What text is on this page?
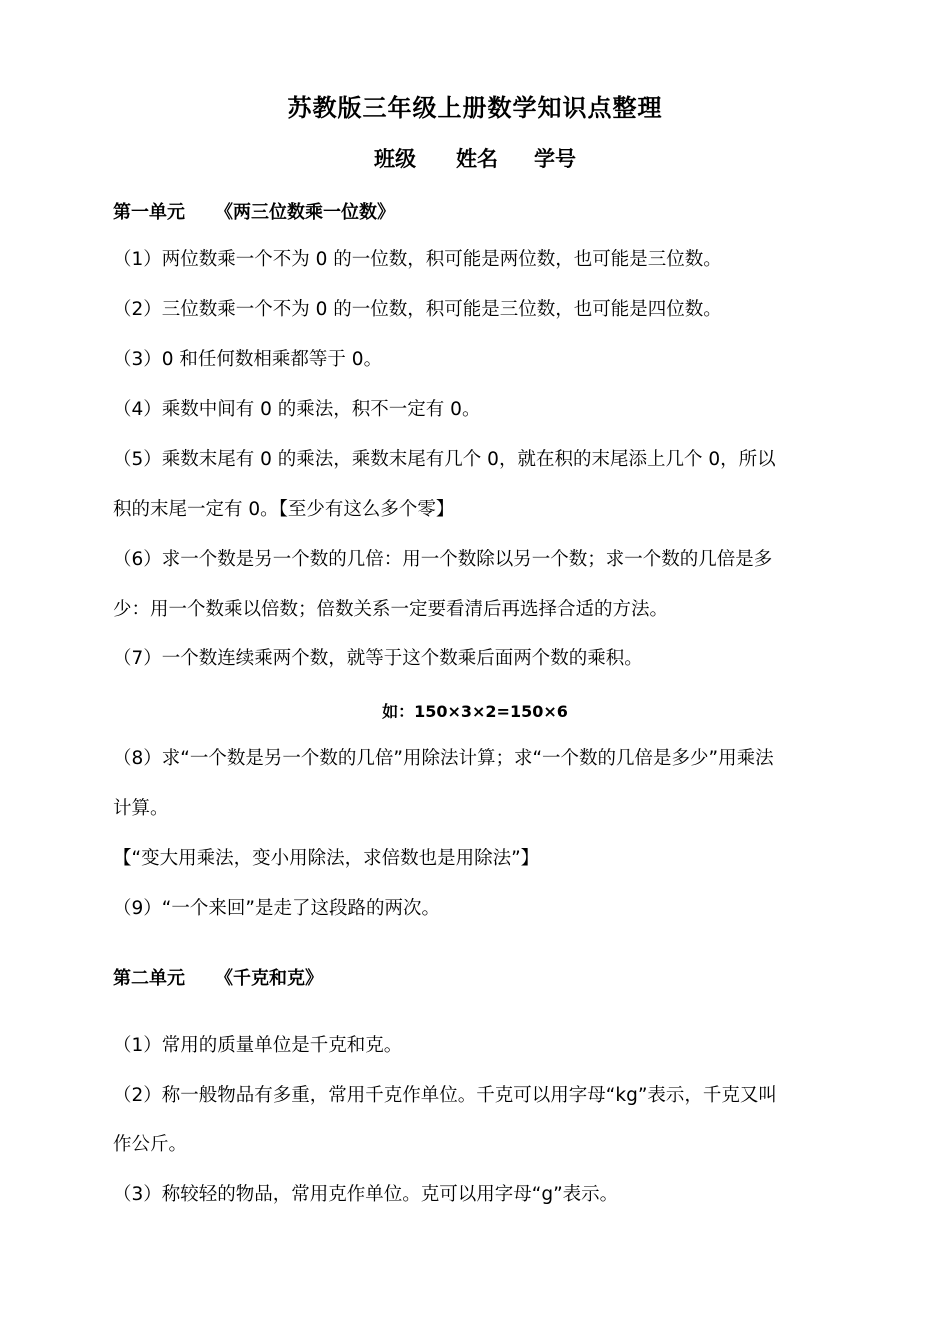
苏教版三年级上册数学知识点整理
班级 姓名 学号
第一单元 《两三位数乘一位数》
（1）两位数乘一个不为 0 的一位数，积可能是两位数，也可能是三位数。
（2）三位数乘一个不为 0 的一位数，积可能是三位数，也可能是四位数。
（3）0 和任何数相乘都等于 0。
（4）乘数中间有 0 的乘法，积不一定有 0。
（5）乘数末尾有 0 的乘法，乘数末尾有几个 0，就在积的末尾添上几个 0，所以
积的末尾一定有 0。【至少有这么多个零】
（6）求一个数是另一个数的几倍：用一个数除以另一个数；求一个数的几倍是多
少：用一个数乘以倍数；倍数关系一定要看清后再选择合适的方法。
（7）一个数连续乘两个数，就等于这个数乘后面两个数的乘积。
如：150×3×2=150×6
（8）求“一个数是另一个数的几倍”用除法计算；求“一个数的几倍是多少”用乘法
计算。
【“变大用乘法，变小用除法，求倍数也是用除法”】
（9）“一个来回”是走了这段路的两次。
第二单元 《千克和克》
（1）常用的质量单位是千克和克。
（2）称一般物品有多重，常用千克作单位。千克可以用字母“kg”表示，千克又叫
作公斤。
（3）称较轻的物品，常用克作单位。克可以用字母“g”表示。
